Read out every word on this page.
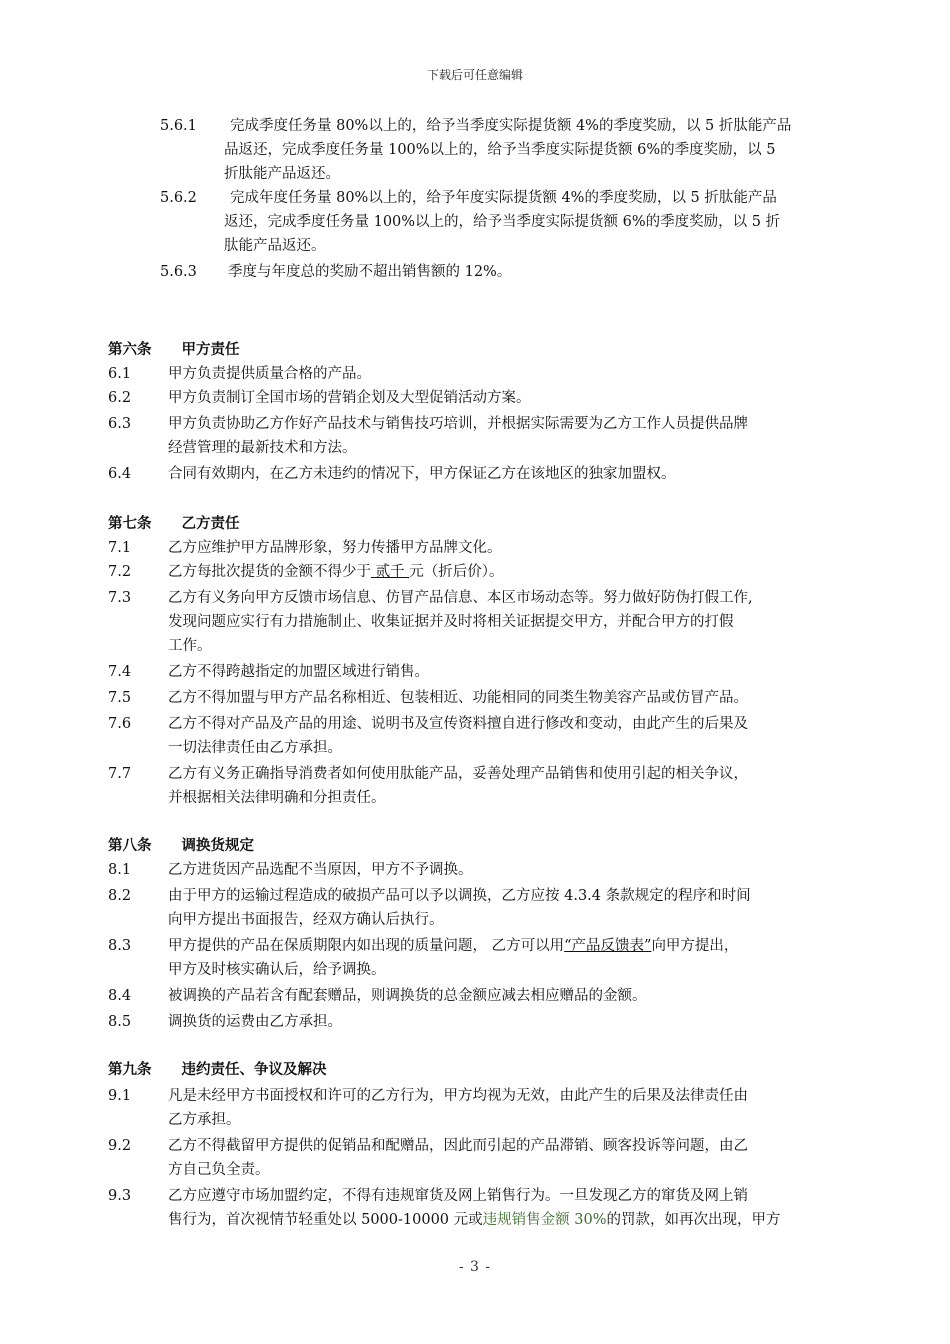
下载后可任意编辑
5.6.1 完成季度任务量 80%以上的，给予当季度实际提货额 4%的季度奖励，以 5 折肽能产品
品返还，完成季度任务量 100%以上的，给予当季度实际提货额 6%的季度奖励，以 5
折肽能产品返还。
5.6.2 完成年度任务量 80%以上的，给予年度实际提货额 4%的季度奖励，以 5 折肽能产品
返还，完成季度任务量 100%以上的，给予当季度实际提货额 6%的季度奖励，以 5 折
肽能产品返还。
5.6.3 季度与年度总的奖励不超出销售额的 12%。
第六条 甲方责任
6.1	甲方负责提供质量合格的产品。
6.2	甲方负责制订全国市场的营销企划及大型促销活动方案。
6.3	甲方负责协助乙方作好产品技术与销售技巧培训，并根据实际需要为乙方工作人员提供品牌
经营管理的最新技术和方法。
6.4	合同有效期内，在乙方未违约的情况下，甲方保证乙方在该地区的独家加盟权。
第七条 乙方责任
7.1	乙方应维护甲方品牌形象，努力传播甲方品牌文化。
7.2	乙方每批次提货的金额不得少于 贰千 元（折后价）。
7.3	乙方有义务向甲方反馈市场信息、仿冒产品信息、本区市场动态等。努力做好防伪打假工作,
发现问题应实行有力措施制止、收集证据并及时将相关证据提交甲方，并配合甲方的打假
工作。
7.4	乙方不得跨越指定的加盟区域进行销售。
7.5	乙方不得加盟与甲方产品名称相近、包装相近、功能相同的同类生物美容产品或仿冒产品。
7.6	乙方不得对产品及产品的用途、说明书及宣传资料擅自进行修改和变动，由此产生的后果及
一切法律责任由乙方承担。
7.7	乙方有义务正确指导消费者如何使用肽能产品，妥善处理产品销售和使用引起的相关争议，
并根据相关法律明确和分担责任。
第八条 调换货规定
8.1	乙方进货因产品选配不当原因，甲方不予调换。
8.2	由于甲方的运输过程造成的破损产品可以予以调换，乙方应按 4.3.4 条款规定的程序和时间
向甲方提出书面报告，经双方确认后执行。
8.3	甲方提供的产品在保质期限内如出现的质量问题， 乙方可以用“产品反馈表”向甲方提出，
甲方及时核实确认后，给予调换。
8.4	被调换的产品若含有配套赠品，则调换货的总金额应减去相应赠品的金额。
8.5	调换货的运费由乙方承担。
第九条 违约责任、争议及解决
9.1	凡是未经甲方书面授权和许可的乙方行为，甲方均视为无效，由此产生的后果及法律责任由
乙方承担。
9.2	乙方不得截留甲方提供的促销品和配赠品，因此而引起的产品滞销、顾客投诉等问题，由乙
方自己负全责。
9.3	乙方应遵守市场加盟约定，不得有违规窜货及网上销售行为。一旦发现乙方的窜货及网上销
售行为，首次视情节轻重处以 5000-10000 元或违规销售金额 30%的罚款，如再次出现，甲方
- 3 -
